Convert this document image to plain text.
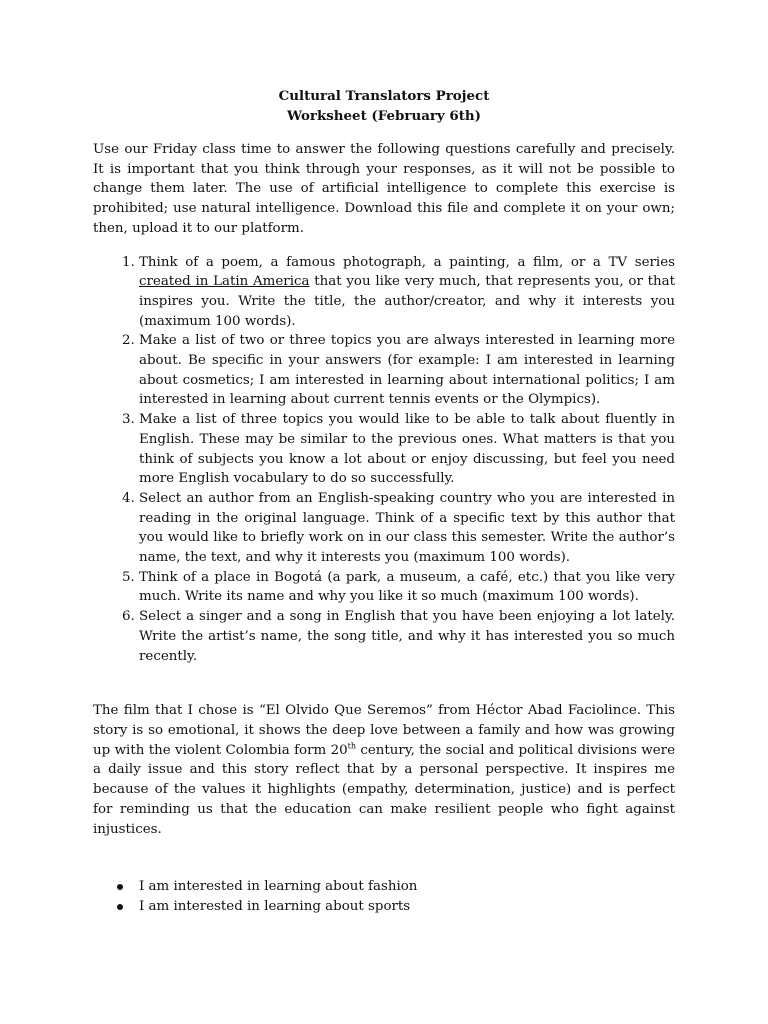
Cultural Translators Project

Worksheet (February 6th)

Use our Friday class time to answer the following questions carefully and precisely. It is important that you think through your responses, as it will not be possible to change them later. The use of artificial intelligence to complete this exercise is prohibited; use natural intelligence. Download this file and complete it on your own; then, upload it to our platform.

1. Think of a poem, a famous photograph, a painting, a film, or a TV series created in Latin America that you like very much, that represents you, or that inspires you. Write the title, the author/creator, and why it interests you (maximum 100 words).
2. Make a list of two or three topics you are always interested in learning more about. Be specific in your answers (for example: I am interested in learning about cosmetics; I am interested in learning about international politics; I am interested in learning about current tennis events or the Olympics).
3. Make a list of three topics you would like to be able to talk about fluently in English. These may be similar to the previous ones. What matters is that you think of subjects you know a lot about or enjoy discussing, but feel you need more English vocabulary to do so successfully.
4. Select an author from an English-speaking country who you are interested in reading in the original language. Think of a specific text by this author that you would like to briefly work on in our class this semester. Write the author’s name, the text, and why it interests you (maximum 100 words).
5. Think of a place in Bogotá (a park, a museum, a café, etc.) that you like very much. Write its name and why you like it so much (maximum 100 words).
6. Select a singer and a song in English that you have been enjoying a lot lately. Write the artist’s name, the song title, and why it has interested you so much recently.

The film that I chose is “El Olvido Que Seremos” from Héctor Abad Faciolince. This story is so emotional, it shows the deep love between a family and how was growing up with the violent Colombia form 20th century, the social and political divisions were a daily issue and this story reflect that by a personal perspective. It inspires me because of the values it highlights (empathy, determination, justice) and is perfect for reminding us that the education can make resilient people who fight against injustices.

I am interested in learning about fashion
I am interested in learning about sports
